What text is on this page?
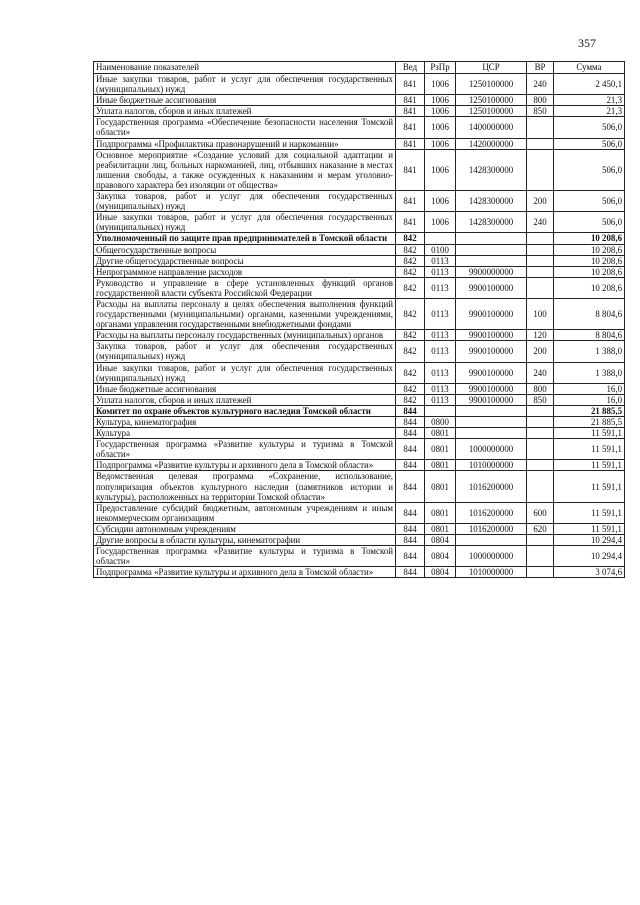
357
Наименование показателей	Вед	РзПр	ЦСР	ВР	Сумма
Иные закупки товаров, работ и услуг для обеспечения государственных (муниципальных) нужд	841	1006	1250100000	240	2 450,1
Иные бюджетные ассигнования	841	1006	1250100000	800	21,3
Уплата налогов, сборов и иных платежей	841	1006	1250100000	850	21,3
Государственная программа «Обеспечение безопасности населения Томской области»	841	1006	1400000000		506,0
Подпрограмма «Профилактика правонарушений и наркомании»	841	1006	1420000000		506,0
Основное мероприятие «Создание условий для социальной адаптации и реабилитации лиц, больных наркоманией, лиц, отбывших наказание в местах лишения свободы, а также осужденных к наказаниям и мерам уголовно-правового характера без изоляции от общества»	841	1006	1428300000		506,0
Закупка товаров, работ и услуг для обеспечения государственных (муниципальных) нужд	841	1006	1428300000	200	506,0
Иные закупки товаров, работ и услуг для обеспечения государственных (муниципальных) нужд	841	1006	1428300000	240	506,0
Уполномоченный по защите прав предпринимателей в Томской области	842				10 208,6
Общегосударственные вопросы	842	0100			10 208,6
Другие общегосударственные вопросы	842	0113			10 208,6
Непрограммное направление расходов	842	0113	9900000000		10 208,6
Руководство и управление в сфере установленных функций органов государственной власти субъекта Российской Федерации	842	0113	9900100000		10 208,6
Расходы на выплаты персоналу в целях обеспечения выполнения функций государственными (муниципальными) органами, казенными учреждениями, органами управления государственными внебюджетными фондами	842	0113	9900100000	100	8 804,6
Расходы на выплаты персоналу государственных (муниципальных) органов	842	0113	9900100000	120	8 804,6
Закупка товаров, работ и услуг для обеспечения государственных (муниципальных) нужд	842	0113	9900100000	200	1 388,0
Иные закупки товаров, работ и услуг для обеспечения государственных (муниципальных) нужд	842	0113	9900100000	240	1 388,0
Иные бюджетные ассигнования	842	0113	9900100000	800	16,0
Уплата налогов, сборов и иных платежей	842	0113	9900100000	850	16,0
Комитет по охране объектов культурного наследия Томской области	844				21 885,5
Культура, кинематография	844	0800			21 885,5
Культура	844	0801			11 591,1
Государственная программа «Развитие культуры и туризма в Томской области»	844	0801	1000000000		11 591,1
Подпрограмма «Развитие культуры и архивного дела в Томской области»	844	0801	1010000000		11 591,1
Ведомственная целевая программа «Сохранение, использование, популяризация объектов культурного наследия (памятников истории и культуры), расположенных на территории Томской области»	844	0801	1016200000		11 591,1
Предоставление субсидий бюджетным, автономным учреждениям и иным некоммерческим организациям	844	0801	1016200000	600	11 591,1
Субсидии автономным учреждениям	844	0801	1016200000	620	11 591,1
Другие вопросы в области культуры, кинематографии	844	0804			10 294,4
Государственная программа «Развитие культуры и туризма в Томской области»	844	0804	1000000000		10 294,4
Подпрограмма «Развитие культуры и архивного дела в Томской области»	844	0804	1010000000		3 074,6
